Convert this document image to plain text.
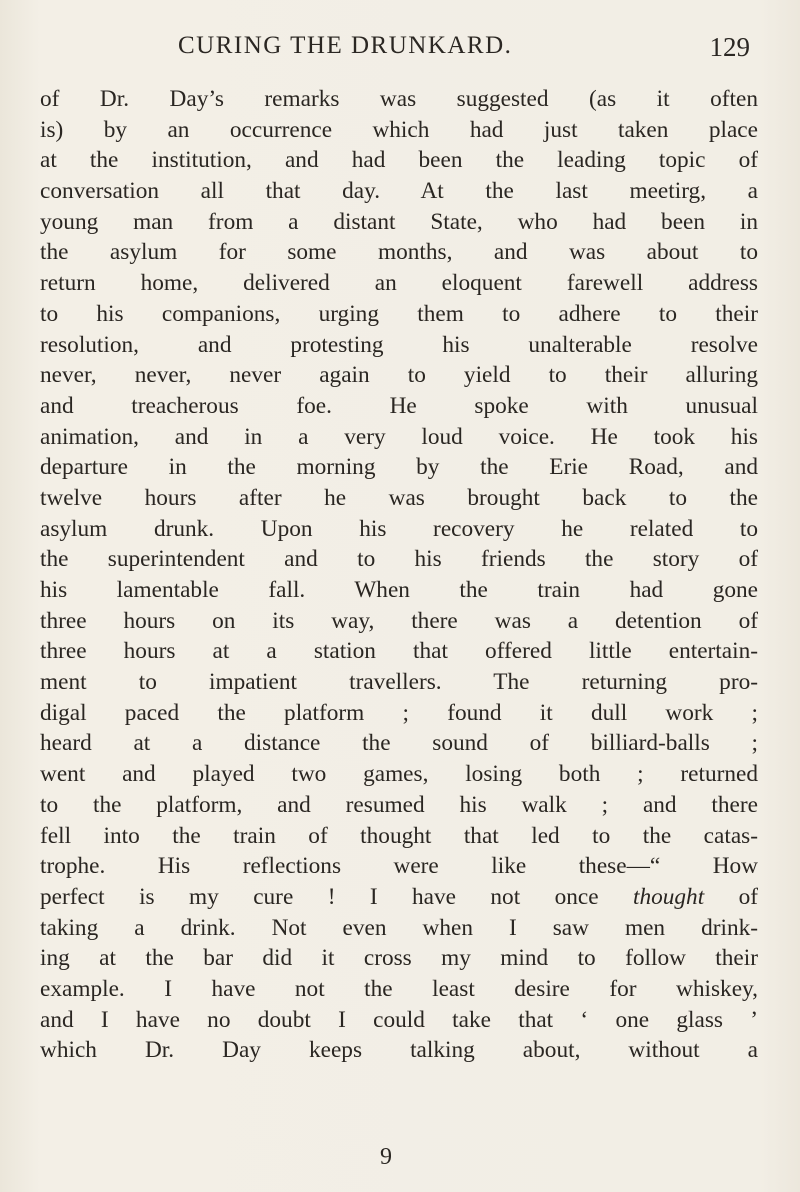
CURING THE DRUNKARD.	129
of Dr. Day’s remarks was suggested (as it often
is) by an occurrence which had just taken place
at the institution, and had been the leading topic of
conversation all that day. At the last meetirg, a
young man from a distant State, who had been in
the asylum for some months, and was about to
return home, delivered an eloquent farewell address
to his companions, urging them to adhere to their
resolution, and protesting his unalterable resolve
never, never, never again to yield to their alluring
and treacherous foe. He spoke with unusual
animation, and in a very loud voice. He took his
departure in the morning by the Erie Road, and
twelve hours after he was brought back to the
asylum drunk. Upon his recovery he related to
the superintendent and to his friends the story of
his lamentable fall. When the train had gone
three hours on its way, there was a detention of
three hours at a station that offered little entertain-
ment to impatient travellers. The returning pro-
digal paced the platform ; found it dull work ;
heard at a distance the sound of billiard-balls ;
went and played two games, losing both ; returned
to the platform, and resumed his walk ; and there
fell into the train of thought that led to the catas-
trophe. His reflections were like these—“ How
perfect is my cure ! I have not once thought of
taking a drink. Not even when I saw men drink-
ing at the bar did it cross my mind to follow their
example. I have not the least desire for whiskey,
and I have no doubt I could take that ‘ one glass ’
which Dr. Day keeps talking about, without a
9
